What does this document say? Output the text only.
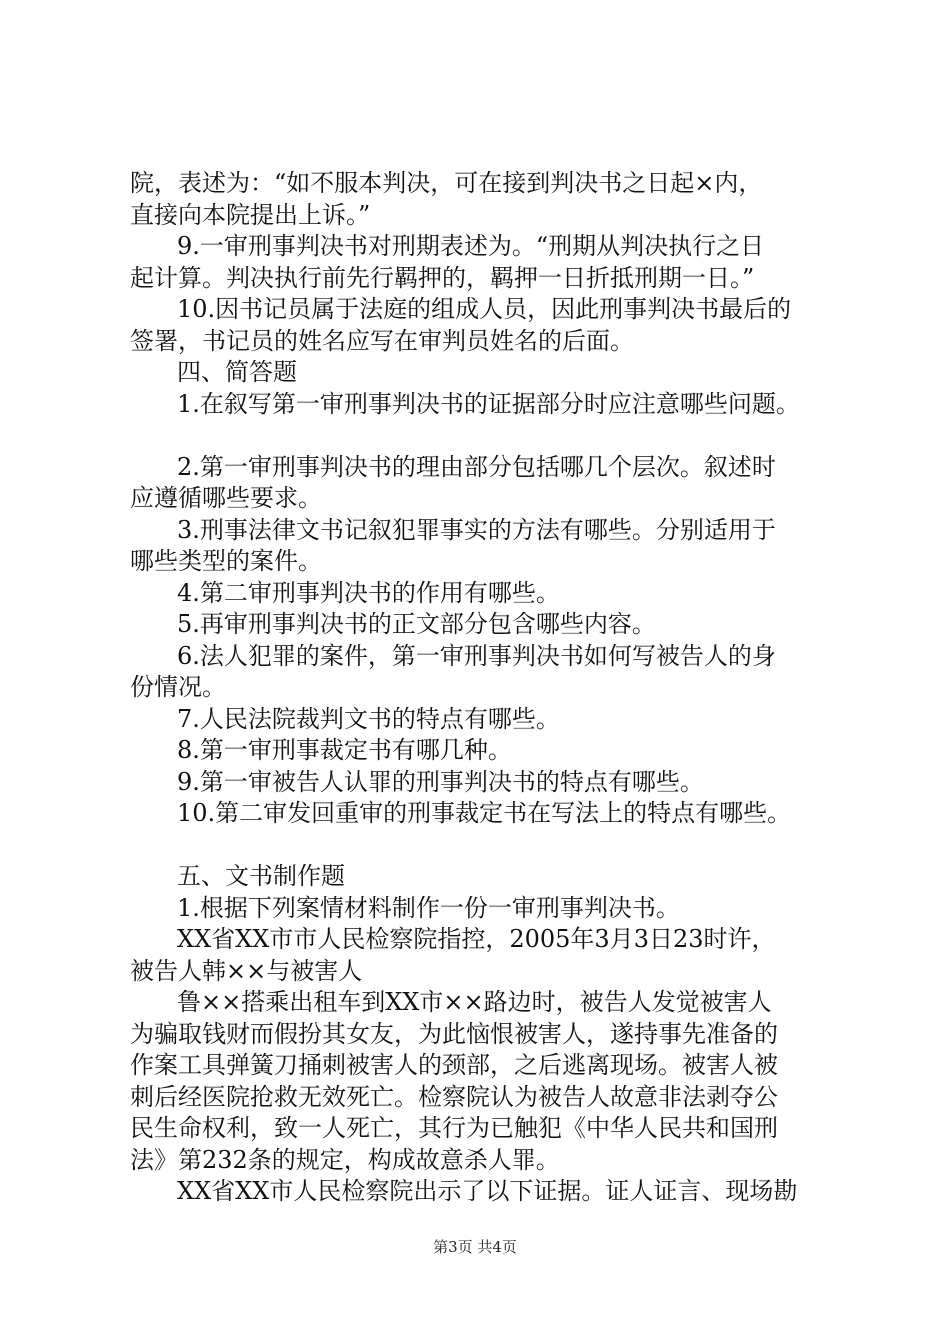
院，表述为：“如不服本判决，可在接到判决书之日起×内，
直接向本院提出上诉。”
9.一审刑事判决书对刑期表述为。“刑期从判决执行之日
起计算。判决执行前先行羁押的，羁押一日折抵刑期一日。”
10.因书记员属于法庭的组成人员，因此刑事判决书最后的
签署，书记员的姓名应写在审判员姓名的后面。
四、简答题
1.在叙写第一审刑事判决书的证据部分时应注意哪些问题。
2.第一审刑事判决书的理由部分包括哪几个层次。叙述时
应遵循哪些要求。
3.刑事法律文书记叙犯罪事实的方法有哪些。分别适用于
哪些类型的案件。
4.第二审刑事判决书的作用有哪些。
5.再审刑事判决书的正文部分包含哪些内容。
6.法人犯罪的案件，第一审刑事判决书如何写被告人的身
份情况。
7.人民法院裁判文书的特点有哪些。
8.第一审刑事裁定书有哪几种。
9.第一审被告人认罪的刑事判决书的特点有哪些。
10.第二审发回重审的刑事裁定书在写法上的特点有哪些。
五、文书制作题
1.根据下列案情材料制作一份一审刑事判决书。
XX省XX市市人民检察院指控，2005年3月3日23时许，
被告人韩××与被害人
鲁××搭乘出租车到XX市××路边时，被告人发觉被害人
为骗取钱财而假扮其女友，为此恼恨被害人，遂持事先准备的
作案工具弹簧刀捅刺被害人的颈部，之后逃离现场。被害人被
刺后经医院抢救无效死亡。检察院认为被告人故意非法剥夺公
民生命权利，致一人死亡，其行为已触犯《中华人民共和国刑
法》第232条的规定，构成故意杀人罪。
XX省XX市人民检察院出示了以下证据。证人证言、现场勘
第3页 共4页
